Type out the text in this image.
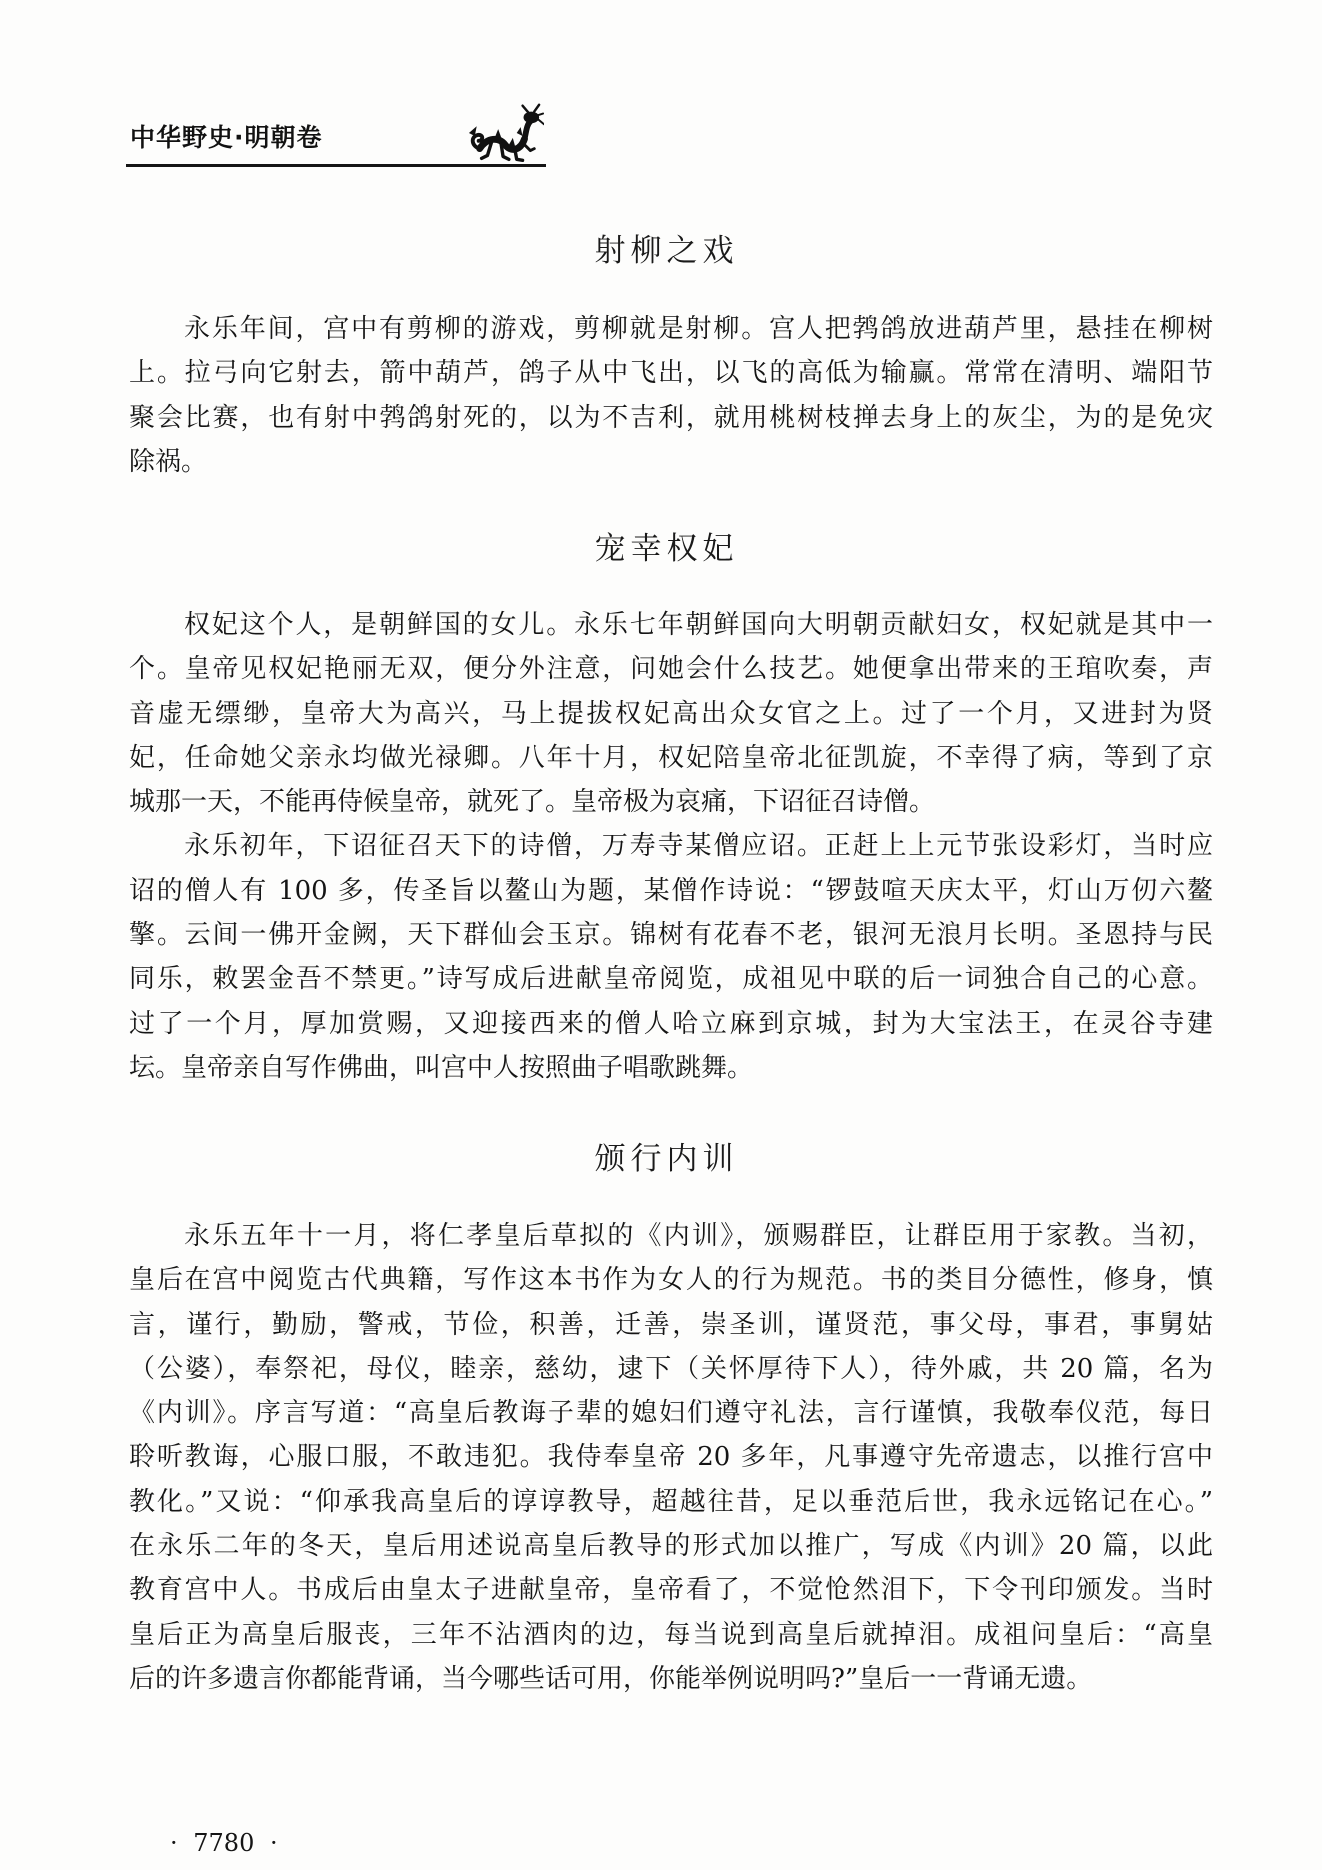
中华野史·明朝卷
射柳之戏
永乐年间，宫中有剪柳的游戏，剪柳就是射柳。宫人把鹁鸽放进葫芦里，悬挂在柳树
上。拉弓向它射去，箭中葫芦，鸽子从中飞出，以飞的高低为输赢。常常在清明、端阳节
聚会比赛，也有射中鹁鸽射死的，以为不吉利，就用桃树枝掸去身上的灰尘，为的是免灾
除祸。
宠幸权妃
权妃这个人，是朝鲜国的女儿。永乐七年朝鲜国向大明朝贡献妇女，权妃就是其中一
个。皇帝见权妃艳丽无双，便分外注意，问她会什么技艺。她便拿出带来的王琯吹奏，声
音虚无缥缈，皇帝大为高兴，马上提拔权妃高出众女官之上。过了一个月，又进封为贤
妃，任命她父亲永均做光禄卿。八年十月，权妃陪皇帝北征凯旋，不幸得了病，等到了京
城那一天，不能再侍候皇帝，就死了。皇帝极为哀痛，下诏征召诗僧。
永乐初年，下诏征召天下的诗僧，万寿寺某僧应诏。正赶上上元节张设彩灯，当时应
诏的僧人有 100 多，传圣旨以鳌山为题，某僧作诗说：“锣鼓喧天庆太平，灯山万仞六鳌
擎。云间一佛开金阙，天下群仙会玉京。锦树有花春不老，银河无浪月长明。圣恩持与民
同乐，敕罢金吾不禁更。”诗写成后进献皇帝阅览，成祖见中联的后一词独合自己的心意。
过了一个月，厚加赏赐，又迎接西来的僧人哈立麻到京城，封为大宝法王，在灵谷寺建
坛。皇帝亲自写作佛曲，叫宫中人按照曲子唱歌跳舞。
颁行内训
永乐五年十一月，将仁孝皇后草拟的《内训》，颁赐群臣，让群臣用于家教。当初，
皇后在宫中阅览古代典籍，写作这本书作为女人的行为规范。书的类目分德性，修身，慎
言，谨行，勤励，警戒，节俭，积善，迁善，崇圣训，谨贤范，事父母，事君，事舅姑
（公婆），奉祭祀，母仪，睦亲，慈幼，逮下（关怀厚待下人），待外戚，共 20 篇，名为
《内训》。序言写道：“高皇后教诲子辈的媳妇们遵守礼法，言行谨慎，我敬奉仪范，每日
聆听教诲，心服口服，不敢违犯。我侍奉皇帝 20 多年，凡事遵守先帝遗志，以推行宫中
教化。”又说：“仰承我高皇后的谆谆教导，超越往昔，足以垂范后世，我永远铭记在心。”
在永乐二年的冬天，皇后用述说高皇后教导的形式加以推广，写成《内训》20 篇，以此
教育宫中人。书成后由皇太子进献皇帝，皇帝看了，不觉怆然泪下，下令刊印颁发。当时
皇后正为高皇后服丧，三年不沾酒肉的边，每当说到高皇后就掉泪。成祖问皇后：“高皇
后的许多遗言你都能背诵，当今哪些话可用，你能举例说明吗?”皇后一一背诵无遗。
· 7780 ·
